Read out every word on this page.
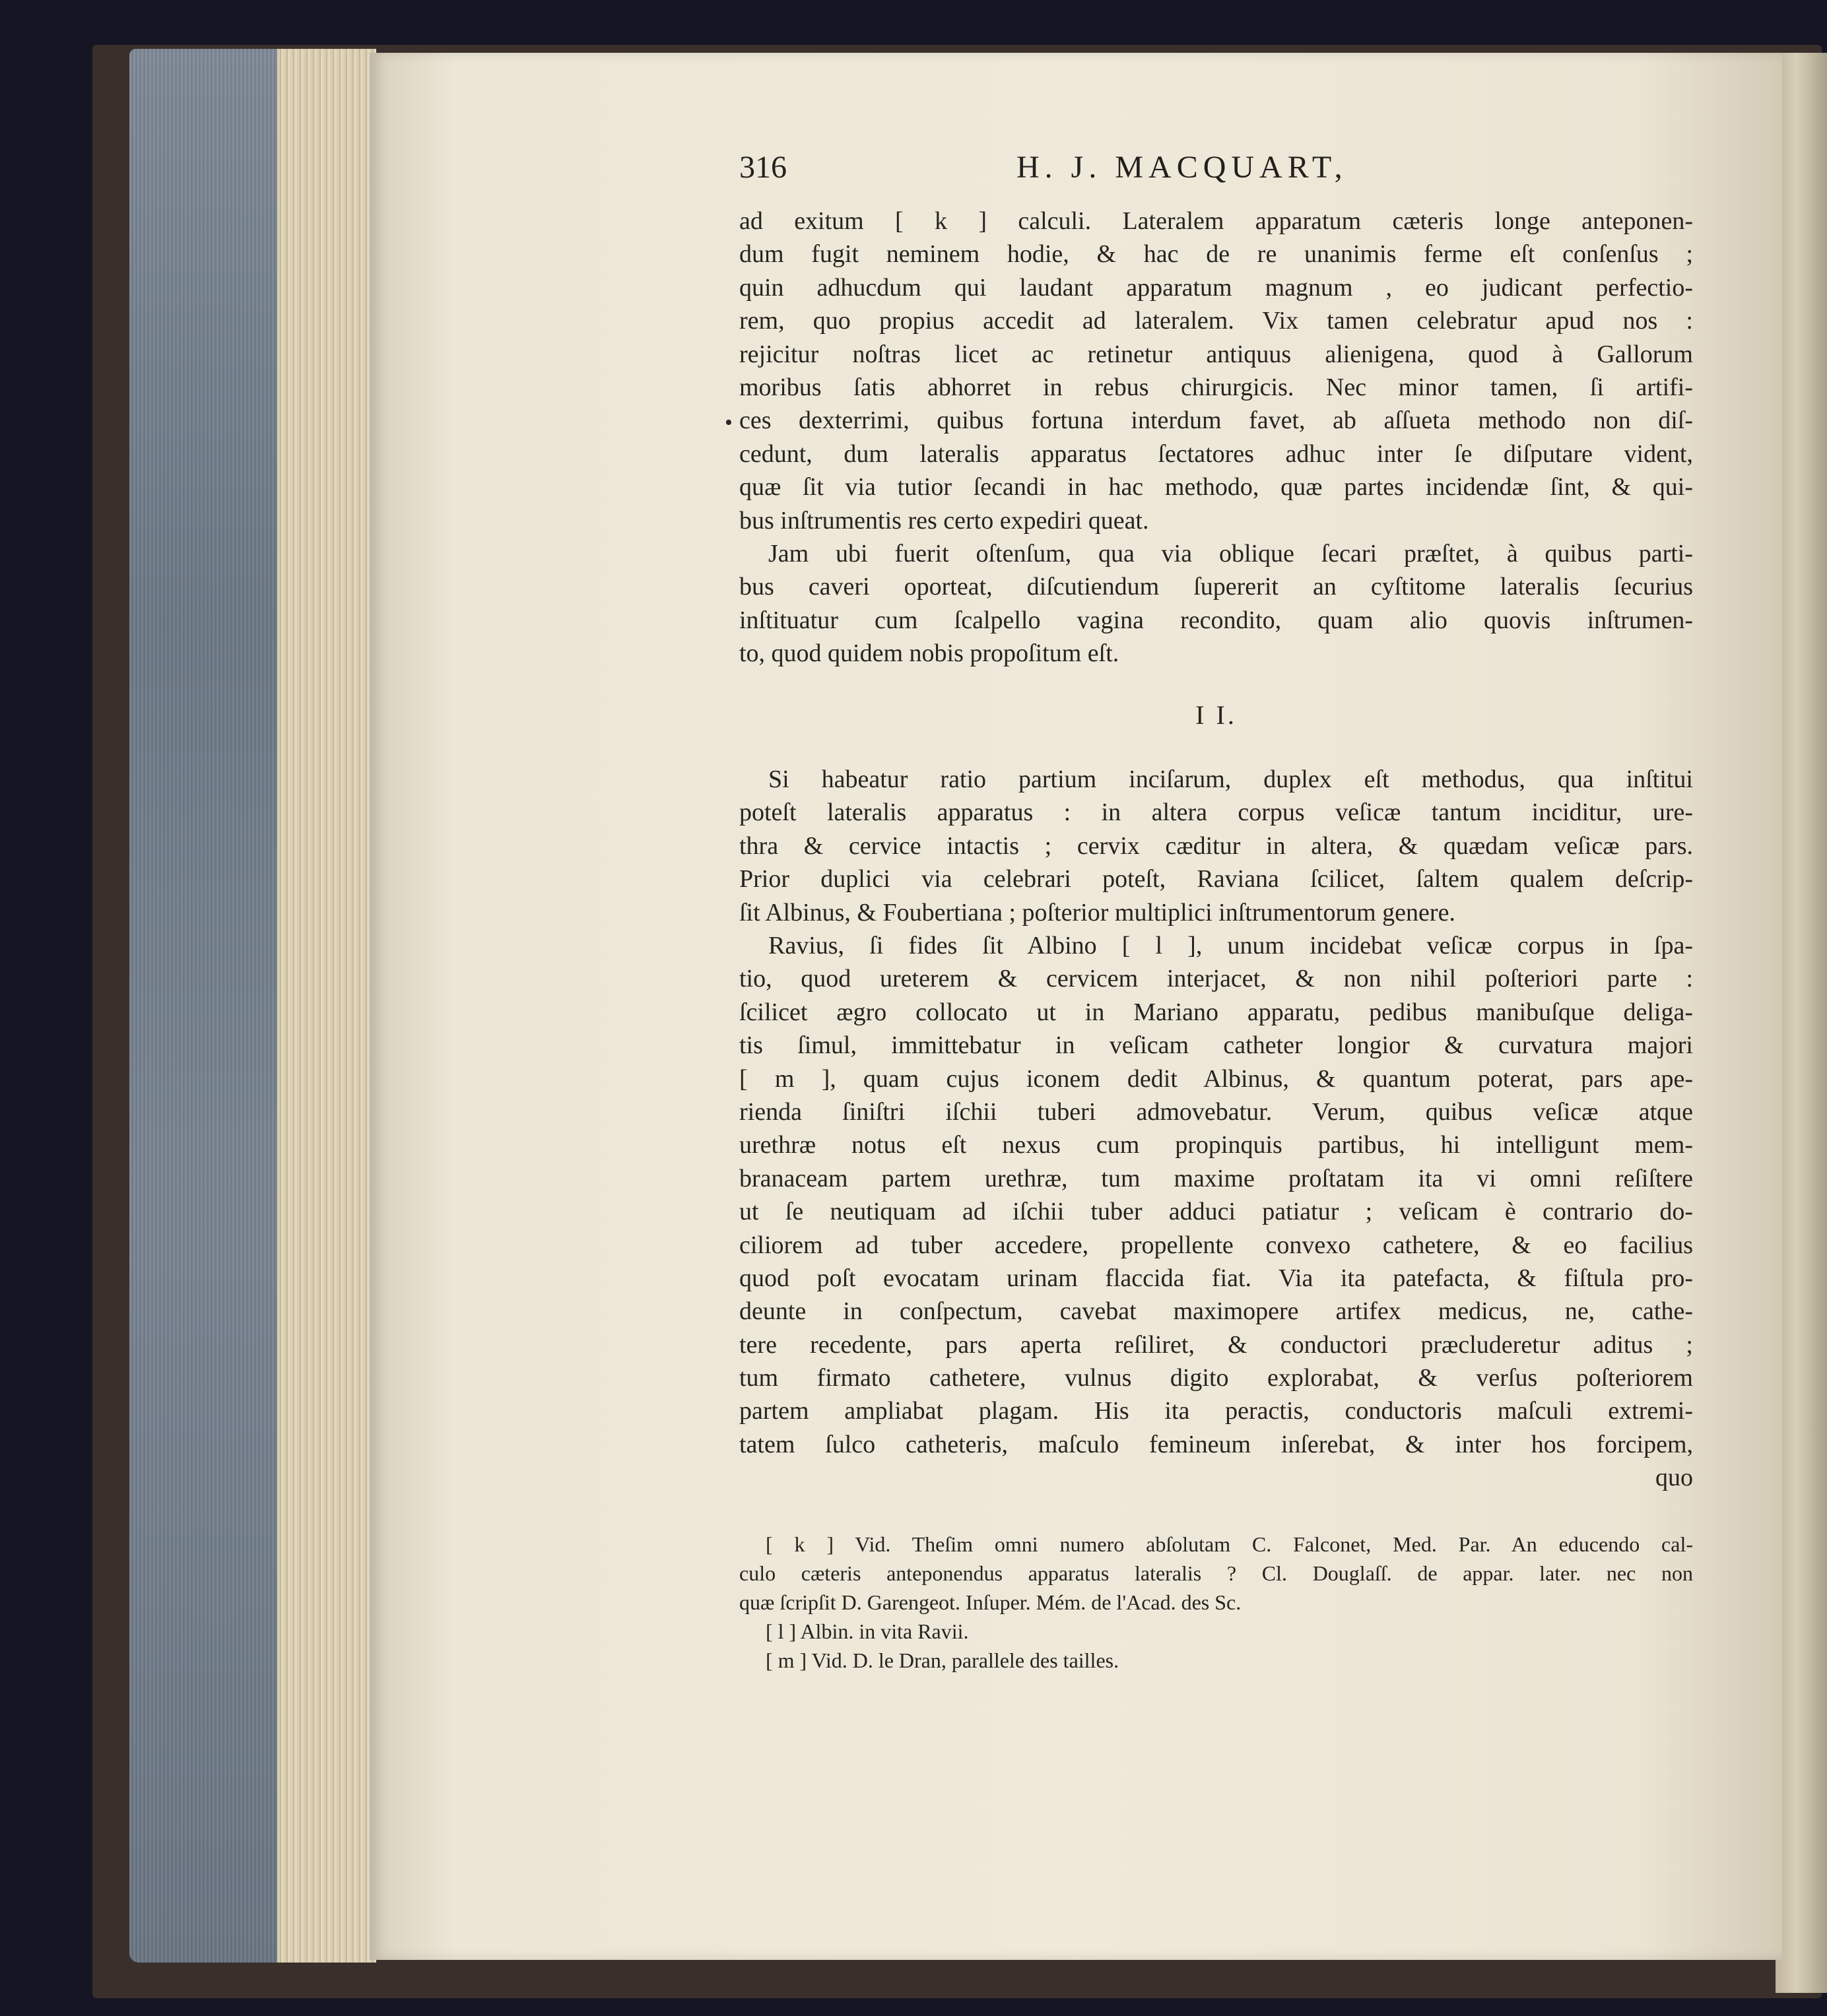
316	H. J. MACQUART,
•
ad exitum [ k ] calculi. Lateralem apparatum cæteris longe anteponen-
dum fugit neminem hodie, & hac de re unanimis ferme eſt conſenſus ;
quin adhucdum qui laudant apparatum magnum , eo judicant perfectio-
rem, quo propius accedit ad lateralem. Vix tamen celebratur apud nos :
rejicitur noſtras licet ac retinetur antiquus alienigena, quod à Gallorum
moribus ſatis abhorret in rebus chirurgicis. Nec minor tamen, ſi artifi-
ces dexterrimi, quibus fortuna interdum favet, ab aſſueta methodo non diſ-
cedunt, dum lateralis apparatus ſectatores adhuc inter ſe diſputare vident,
quæ ſit via tutior ſecandi in hac methodo, quæ partes incidendæ ſint, & qui-
bus inſtrumentis res certo expediri queat.
Jam ubi fuerit oſtenſum, qua via oblique ſecari præſtet, à quibus parti-
bus caveri oporteat, diſcutiendum ſupererit an cyſtitome lateralis ſecurius
inſtituatur cum ſcalpello vagina recondito, quam alio quovis inſtrumen-
to, quod quidem nobis propoſitum eſt.
I I.
Si habeatur ratio partium inciſarum, duplex eſt methodus, qua inſtitui
poteſt lateralis apparatus : in altera corpus veſicæ tantum inciditur, ure-
thra & cervice intactis ; cervix cæditur in altera, & quædam veſicæ pars.
Prior duplici via celebrari poteſt, Raviana ſcilicet, ſaltem qualem deſcrip-
ſit Albinus, & Foubertiana ; poſterior multiplici inſtrumentorum genere.
Ravius, ſi fides ſit Albino [ l ], unum incidebat veſicæ corpus in ſpa-
tio, quod ureterem & cervicem interjacet, & non nihil poſteriori parte :
ſcilicet ægro collocato ut in Mariano apparatu, pedibus manibuſque deliga-
tis ſimul, immittebatur in veſicam catheter longior & curvatura majori
[ m ], quam cujus iconem dedit Albinus, & quantum poterat, pars ape-
rienda ſiniſtri iſchii tuberi admovebatur. Verum, quibus veſicæ atque
urethræ notus eſt nexus cum propinquis partibus, hi intelligunt mem-
branaceam partem urethræ, tum maxime proſtatam ita vi omni reſiſtere
ut ſe neutiquam ad iſchii tuber adduci patiatur ; veſicam è contrario do-
ciliorem ad tuber accedere, propellente convexo cathetere, & eo facilius
quod poſt evocatam urinam flaccida fiat. Via ita patefacta, & fiſtula pro-
deunte in conſpectum, cavebat maximopere artifex medicus, ne, cathe-
tere recedente, pars aperta reſiliret, & conductori præcluderetur aditus ;
tum firmato cathetere, vulnus digito explorabat, & verſus poſteriorem
partem ampliabat plagam. His ita peractis, conductoris maſculi extremi-
tatem ſulco catheteris, maſculo femineum inſerebat, & inter hos forcipem,
quo
[ k ] Vid. Theſim omni numero abſolutam C. Falconet, Med. Par. An educendo cal-
culo cæteris anteponendus apparatus lateralis ? Cl. Douglaſſ. de appar. later. nec non
quæ ſcripſit D. Garengeot. Inſuper. Mém. de l'Acad. des Sc.
[ l ] Albin. in vita Ravii.
[ m ] Vid. D. le Dran, parallele des tailles.
